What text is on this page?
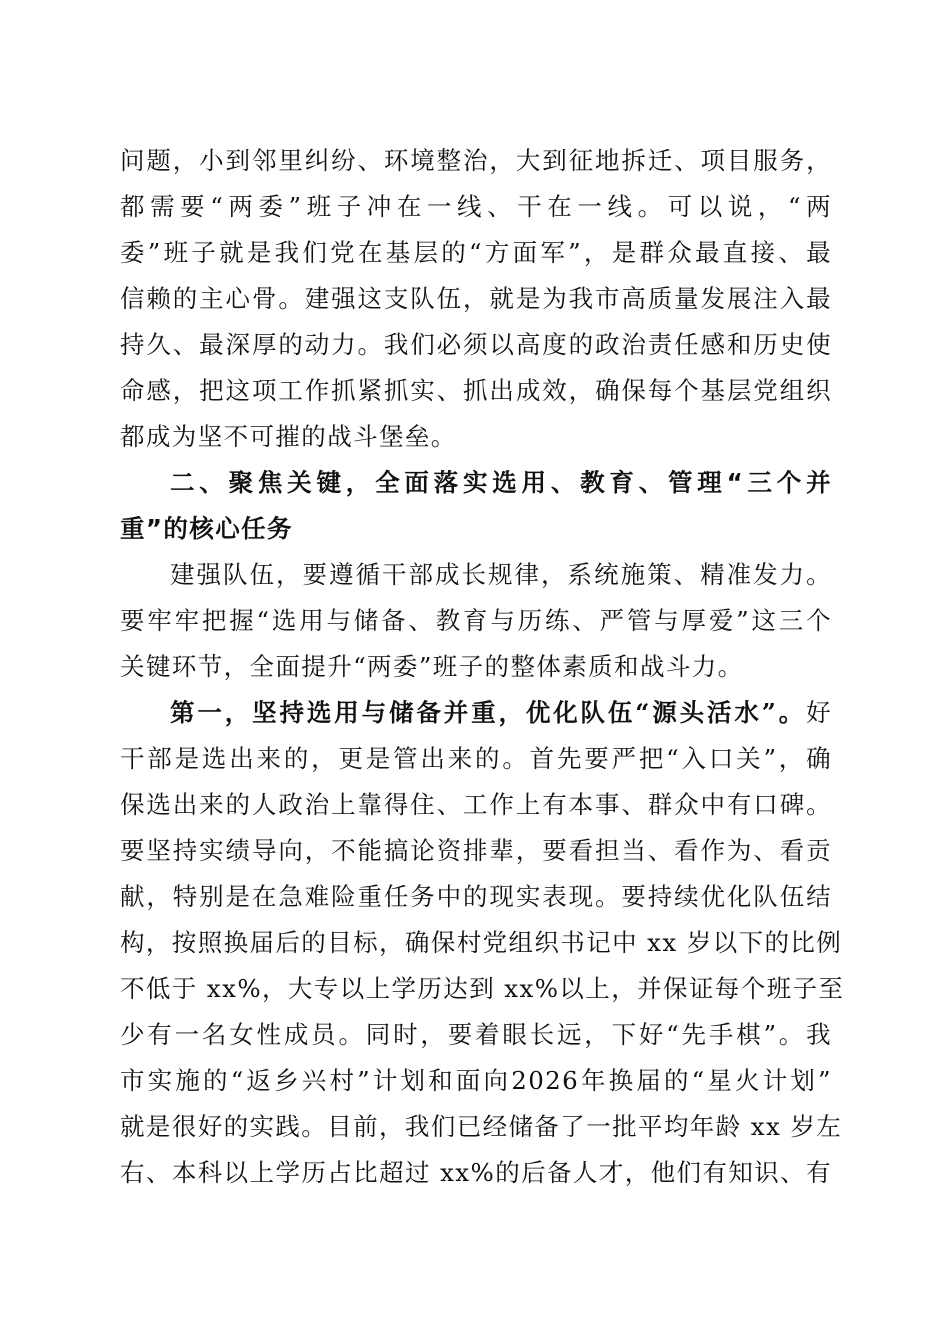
问题，小到邻里纠纷、环境整治，大到征地拆迁、项目服务，
都需要“两委”班子冲在一线、干在一线。可以说，“两
委”班子就是我们党在基层的“方面军”，是群众最直接、最
信赖的主心骨。建强这支队伍，就是为我市高质量发展注入最
持久、最深厚的动力。我们必须以高度的政治责任感和历史使
命感，把这项工作抓紧抓实、抓出成效，确保每个基层党组织
都成为坚不可摧的战斗堡垒。
二、聚焦关键，全面落实选用、教育、管理“三个并
重”的核心任务
建强队伍，要遵循干部成长规律，系统施策、精准发力。
要牢牢把握“选用与储备、教育与历练、严管与厚爱”这三个
关键环节，全面提升“两委”班子的整体素质和战斗力。
第一，坚持选用与储备并重，优化队伍“源头活水”。好
干部是选出来的，更是管出来的。首先要严把“入口关”，确
保选出来的人政治上靠得住、工作上有本事、群众中有口碑。
要坚持实绩导向，不能搞论资排辈，要看担当、看作为、看贡
献，特别是在急难险重任务中的现实表现。要持续优化队伍结
构，按照换届后的目标，确保村党组织书记中 xx 岁以下的比例
不低于 xx%，大专以上学历达到 xx%以上，并保证每个班子至
少有一名女性成员。同时，要着眼长远，下好“先手棋”。我
市实施的“返乡兴村”计划和面向2026年换届的“星火计划”
就是很好的实践。目前，我们已经储备了一批平均年龄 xx 岁左
右、本科以上学历占比超过 xx%的后备人才，他们有知识、有
